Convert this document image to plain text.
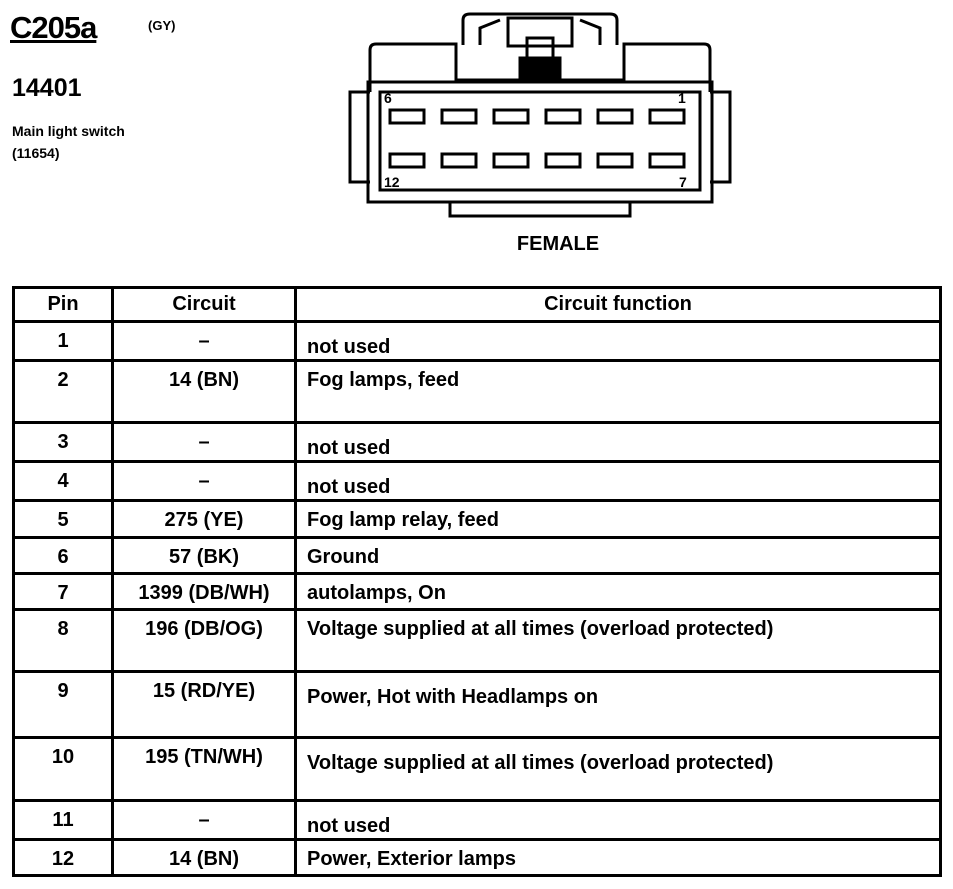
C205a	(GY)
14401
Main light switch
(11654)
6	1
12	7
FEMALE
Pin	Circuit	Circuit function
1	–	not used
2	14 (BN)	Fog lamps, feed
3	–	not used
4	–	not used
5	275 (YE)	Fog lamp relay, feed
6	57 (BK)	Ground
7	1399 (DB/WH)	autolamps, On
8	196 (DB/OG)	Voltage supplied at all times (overload protected)
9	15 (RD/YE)	Power, Hot with Headlamps on
10	195 (TN/WH)	Voltage supplied at all times (overload protected)
11	–	not used
12	14 (BN)	Power, Exterior lamps
